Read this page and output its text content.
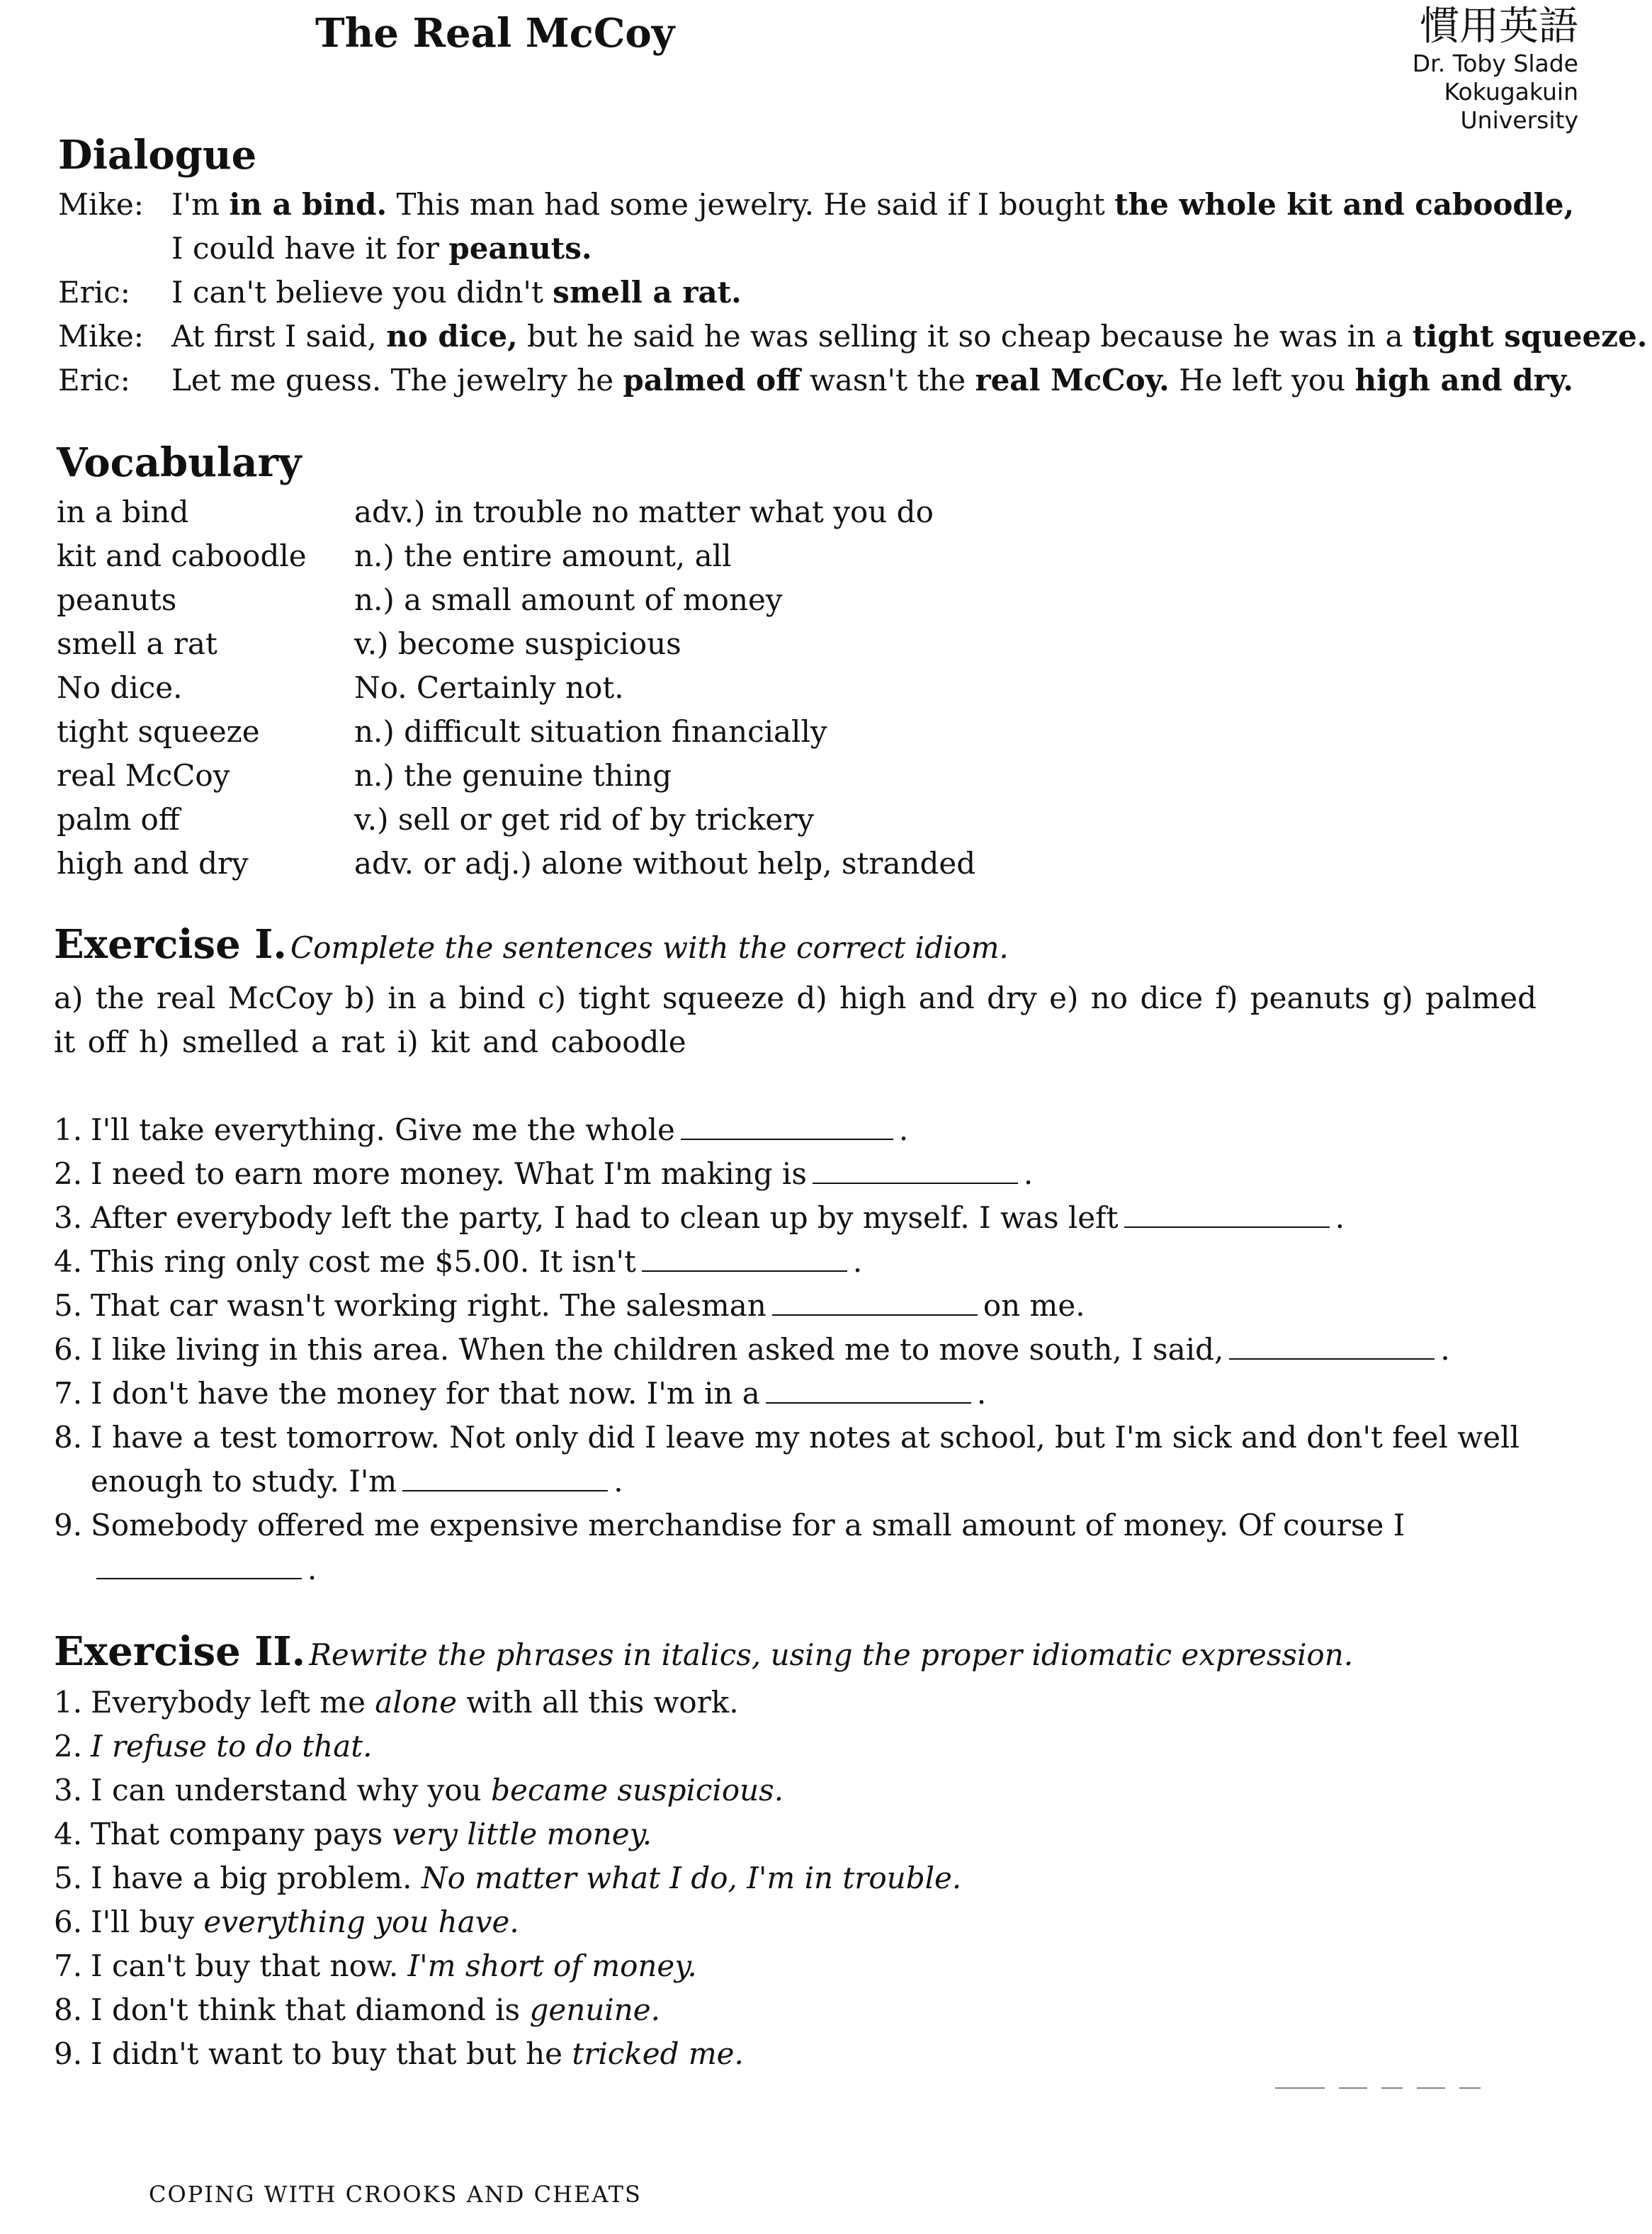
The Real McCoy	慣用英語
Dr. Toby Slade
Kokugakuin
University
Dialogue
Mike: I'm in a bind. This man had some jewelry. He said if I bought the whole kit and caboodle,
I could have it for peanuts.
Eric: I can't believe you didn't smell a rat.
Mike: At first I said, no dice, but he said he was selling it so cheap because he was in a tight squeeze.
Eric: Let me guess. The jewelry he palmed off wasn't the real McCoy. He left you high and dry.
Vocabulary
in a bind	adv.) in trouble no matter what you do
kit and caboodle n.) the entire amount, all
peanuts	n.) a small amount of money
smell a rat	v.) become suspicious
No dice.	No. Certainly not.
tight squeeze	n.) difficult situation financially
real McCoy	n.) the genuine thing
palm off	v.) sell or get rid of by trickery
high and dry	adv. or adj.) alone without help, stranded
Exercise I. Complete the sentences with the correct idiom.
a) the real McCoy b) in a bind c) tight squeeze d) high and dry e) no dice f) peanuts g) palmed
it off h) smelled a rat i) kit and caboodle
1. I'll take everything. Give me the whole	.
2. I need to earn more money. What I'm making is	.
3. After everybody left the party, I had to clean up by myself. I was left	.
4. This ring only cost me $5.00. It isn't	.
5. That car wasn't working right. The salesman	on me.
6. I like living in this area. When the children asked me to move south, I said,	.
7. I don't have the money for that now. I'm in a	.
8. I have a test tomorrow. Not only did I leave my notes at school, but I'm sick and don't feel well
enough to study. I'm	.
9. Somebody offered me expensive merchandise for a small amount of money. Of course I
.
Exercise II. Rewrite the phrases in italics, using the proper idiomatic expression.
1. Everybody left me alone with all this work.
2. I refuse to do that.
3. I can understand why you became suspicious.
4. That company pays very little money.
5. I have a big problem. No matter what I do, I'm in trouble.
6. I'll buy everything you have.
7. I can't buy that now. I'm short of money.
8. I don't think that diamond is genuine.
9. I didn't want to buy that but he tricked me.
COPING WITH CROOKS AND CHEATS
